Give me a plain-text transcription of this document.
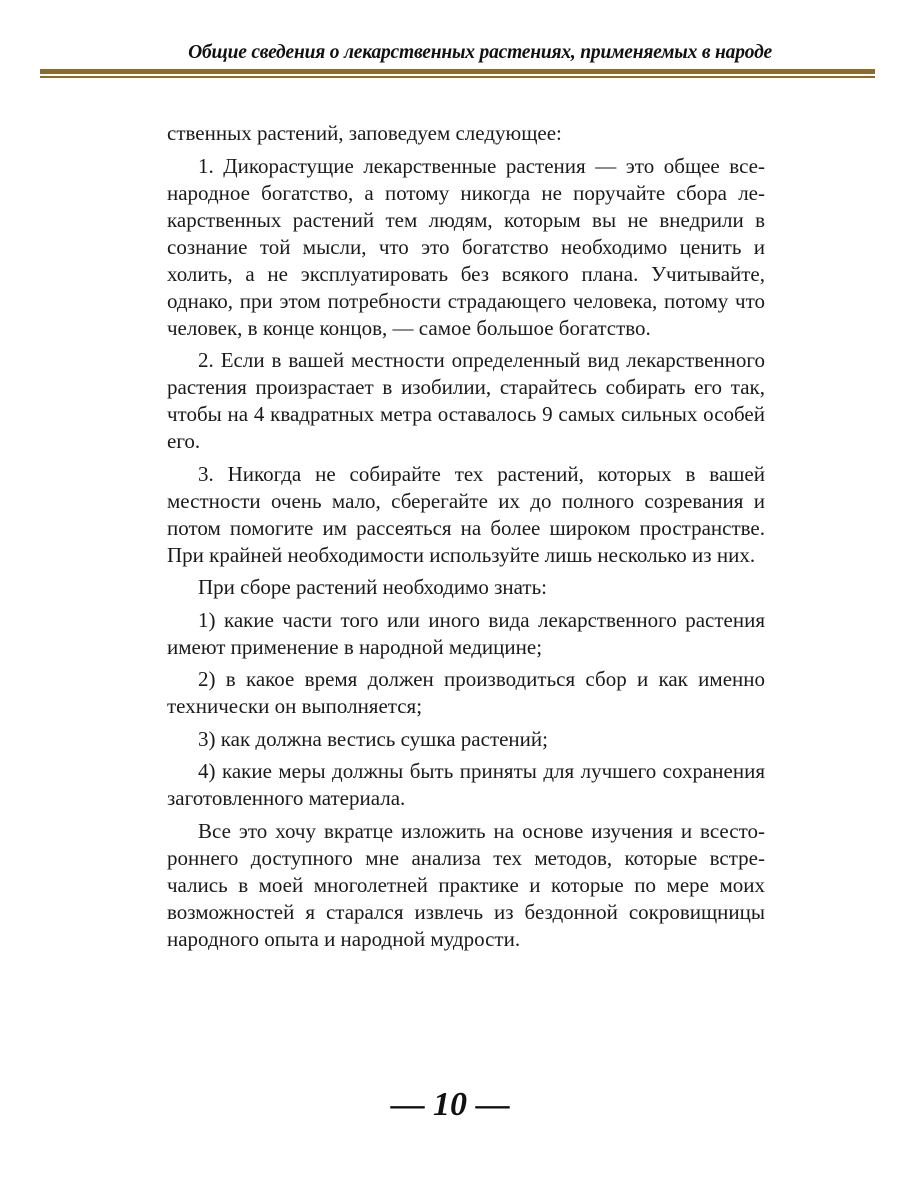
Общие сведения о лекарственных растениях, применяемых в народе

ственных растений, заповедуем следующее:

1. Дикорастущие лекарственные растения — это общее всенародное богатство, а потому никогда не поручайте сбора лекарственных растений тем людям, которым вы не внедрили в сознание той мысли, что это богатство необходимо ценить и холить, а не эксплуатировать без всякого плана. Учитывайте, однако, при этом потребности страдающего человека, потому что человек, в конце концов, — самое большое богатство.

2. Если в вашей местности определенный вид лекарственного растения произрастает в изобилии, старайтесь собирать его так, чтобы на 4 квадратных метра оставалось 9 самых сильных особей его.

3. Никогда не собирайте тех растений, которых в вашей местности очень мало, сберегайте их до полного созревания и потом помогите им рассеяться на более широком пространстве. При крайней необходимости используйте лишь несколько из них.

При сборе растений необходимо знать:

1) какие части того или иного вида лекарственного растения имеют применение в народной медицине;

2) в какое время должен производиться сбор и как именно технически он выполняется;

3) как должна вестись сушка растений;

4) какие меры должны быть приняты для лучшего сохранения заготовленного материала.

Все это хочу вкратце изложить на основе изучения и всестороннего доступного мне анализа тех методов, которые встречались в моей многолетней практике и которые по мере моих возможностей я старался извлечь из бездонной сокровищницы народного опыта и народной мудрости.

— 10 —
